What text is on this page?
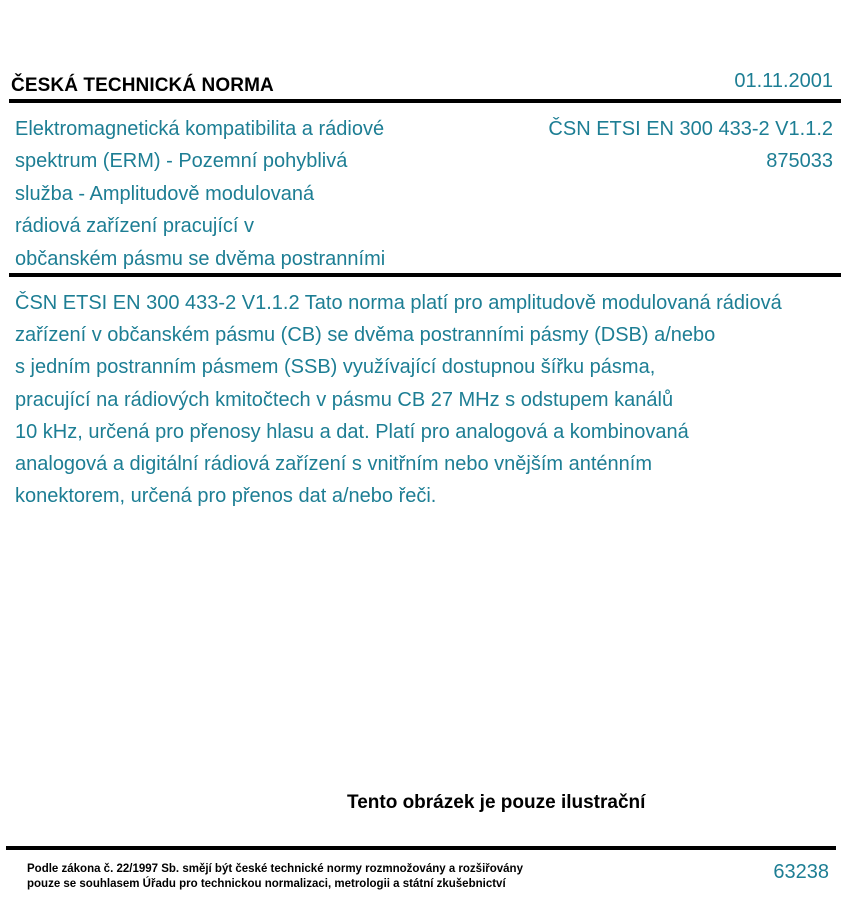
ČESKÁ TECHNICKÁ NORMA	01.11.2001
Elektromagnetická kompatibilita a rádiové
spektrum (ERM) - Pozemní pohyblivá
služba - Amplitudově modulovaná
rádiová zařízení pracující v
občanském pásmu se dvěma postranními
ČSN ETSI EN 300 433-2 V1.1.2
875033
ČSN ETSI EN 300 433-2 V1.1.2 Tato norma platí pro amplitudově modulovaná rádiová
zařízení v občanském pásmu (CB) se dvěma postranními pásmy (DSB) a/nebo
s jedním postranním pásmem (SSB) využívající dostupnou šířku pásma,
pracující na rádiových kmitočtech v pásmu CB 27 MHz s odstupem kanálů
10 kHz, určená pro přenosy hlasu a dat. Platí pro analogová a kombinovaná
analogová a digitální rádiová zařízení s vnitřním nebo vnějším anténním
konektorem, určená pro přenos dat a/nebo řeči.
Tento obrázek je pouze ilustrační
Podle zákona č. 22/1997 Sb. smějí být české technické normy rozmnožovány a rozšiřovány
pouze se souhlasem Úřadu pro technickou normalizaci, metrologii a státní zkušebnictví
63238
